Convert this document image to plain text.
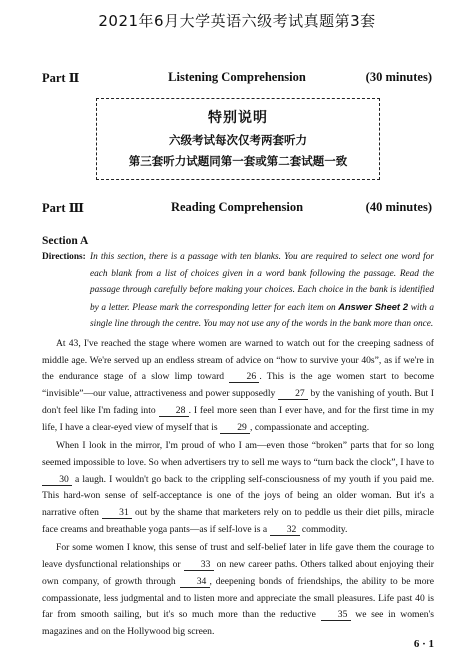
2021年6月大学英语六级考试真题第3套
Listening Comprehension
Part Ⅱ	(30 minutes)
特别说明
六级考试每次仅考两套听力
第三套听力试题同第一套或第二套试题一致
Reading Comprehension
Part Ⅲ	(40 minutes)
Section A
Directions: In this section, there is a passage with ten blanks. You are required to select one word for each blank from a list of choices given in a word bank following the passage. Read the passage through carefully before making your choices. Each choice in the bank is identified by a letter. Please mark the corresponding letter for each item on Answer Sheet 2 with a single line through the centre. You may not use any of the words in the bank more than once.

At 43, I've reached the stage where women are warned to watch out for the creeping sadness of middle age. We're served up an endless stream of advice on “how to survive your 40s”, as if we're in the endurance stage of a slow limp toward 26 . This is the age women start to become “invisible”—our value, attractiveness and power supposedly 27 by the vanishing of youth. But I don't feel like I'm fading into 28 . I feel more seen than I ever have, and for the first time in my life, I have a clear-eyed view of myself that is 29 , compassionate and accepting.

When I look in the mirror, I'm proud of who I am—even those “broken” parts that for so long seemed impossible to love. So when advertisers try to sell me ways to “turn back the clock”, I have to 30 a laugh. I wouldn't go back to the crippling self-consciousness of my youth if you paid me. This hard-won sense of self-acceptance is one of the joys of being an older woman. But it's a narrative often 31 out by the shame that marketers rely on to peddle us their diet pills, miracle face creams and breathable yoga pants—as if self-love is a 32 commodity.

For some women I know, this sense of trust and self-belief later in life gave them the courage to leave dysfunctional relationships or 33 on new career paths. Others talked about enjoying their own company, of growth through 34 , deepening bonds of friendships, the ability to be more compassionate, less judgmental and to listen more and appreciate the small pleasures. Life past 40 is far from smooth sailing, but it's so much more than the reductive 35 we see in women's magazines and on the Hollywood big screen.

6 · 1
